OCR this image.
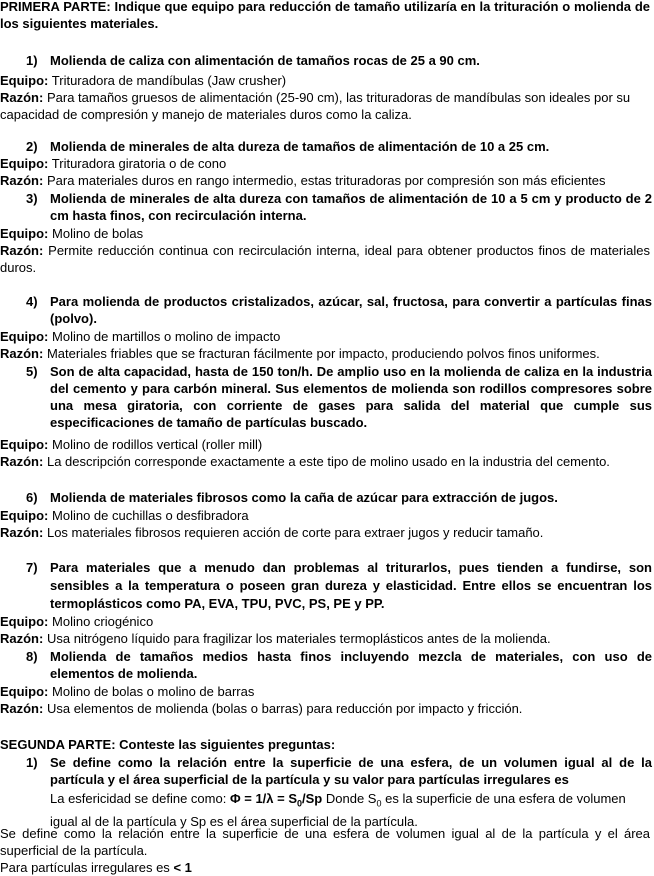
PRIMERA PARTE: Indique que equipo para reducción de tamaño utilizaría en la trituración o molienda de los siguientes materiales.

1) Molienda de caliza con alimentación de tamaños rocas de 25 a 90 cm.

Equipo: Trituradora de mandíbulas (Jaw crusher)

Razón: Para tamaños gruesos de alimentación (25-90 cm), las trituradoras de mandíbulas son ideales por su capacidad de compresión y manejo de materiales duros como la caliza.

2) Molienda de minerales de alta dureza de tamaños de alimentación de 10 a 25 cm.

Equipo: Trituradora giratoria o de cono

Razón: Para materiales duros en rango intermedio, estas trituradoras por compresión son más eficientes

3) Molienda de minerales de alta dureza con tamaños de alimentación de 10 a 5 cm y producto de 2 cm hasta finos, con recirculación interna.

Equipo: Molino de bolas

Razón: Permite reducción continua con recirculación interna, ideal para obtener productos finos de materiales duros.

4) Para molienda de productos cristalizados, azúcar, sal, fructosa, para convertir a partículas finas (polvo).

Equipo: Molino de martillos o molino de impacto

Razón: Materiales friables que se fracturan fácilmente por impacto, produciendo polvos finos uniformes.

5) Son de alta capacidad, hasta de 150 ton/h. De amplio uso en la molienda de caliza en la industria del cemento y para carbón mineral. Sus elementos de molienda son rodillos compresores sobre una mesa giratoria, con corriente de gases para salida del material que cumple sus especificaciones de tamaño de partículas buscado.

Equipo: Molino de rodillos vertical (roller mill)

Razón: La descripción corresponde exactamente a este tipo de molino usado en la industria del cemento.

6) Molienda de materiales fibrosos como la caña de azúcar para extracción de jugos.

Equipo: Molino de cuchillas o desfibradora

Razón: Los materiales fibrosos requieren acción de corte para extraer jugos y reducir tamaño.

7) Para materiales que a menudo dan problemas al triturarlos, pues tienden a fundirse, son sensibles a la temperatura o poseen gran dureza y elasticidad. Entre ellos se encuentran los termoplásticos como PA, EVA, TPU, PVC, PS, PE y PP.

Equipo: Molino criogénico

Razón: Usa nitrógeno líquido para fragilizar los materiales termoplásticos antes de la molienda.

8) Molienda de tamaños medios hasta finos incluyendo mezcla de materiales, con uso de elementos de molienda.

Equipo: Molino de bolas o molino de barras

Razón: Usa elementos de molienda (bolas o barras) para reducción por impacto y fricción.

SEGUNDA PARTE: Conteste las siguientes preguntas:

1) Se define como la relación entre la superficie de una esfera, de un volumen igual al de la partícula y el área superficial de la partícula y su valor para partículas irregulares es
La esfericidad se define como: $\Phi = 1/\lambda = S_0/Sp$ Donde $S_0$ es la superficie de una esfera de volumen igual al de la partícula y Sp es el área superficial de la partícula.

Se define como la relación entre la superficie de una esfera de volumen igual al de la partícula y el área superficial de la partícula.

Para partículas irregulares es < 1
